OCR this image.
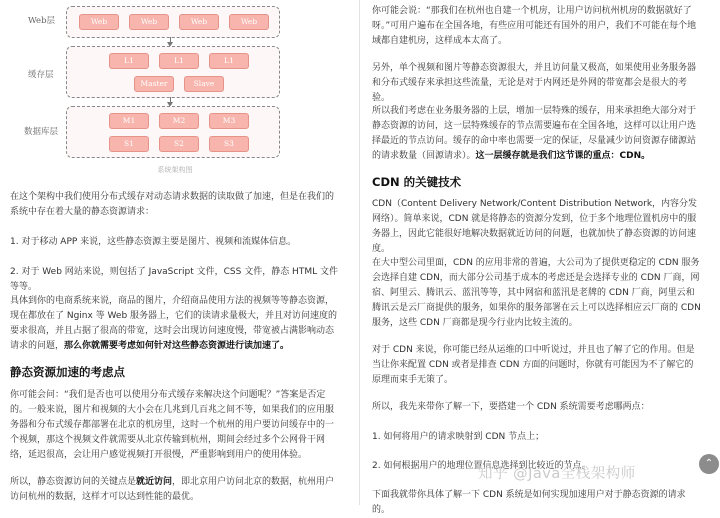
Web层	Web	Web	Web	Web
缓存层
L1	L1	L1
Master	Slave
数据库层
M1	M2	M3
S1	S2	S3
系统架构图

在这个架构中我们使用分布式缓存对动态请求数据的读取做了加速，但是在我们的系统中存在着大量的静态资源请求：

1. 对于移动 APP 来说，这些静态资源主要是图片、视频和流媒体信息。

2. 对于 Web 网站来说，则包括了 JavaScript 文件，CSS 文件，静态 HTML 文件等等。

具体到你的电商系统来说，商品的图片，介绍商品使用方法的视频等等静态资源，现在都放在了 Nginx 等 Web 服务器上，它们的读请求量极大，并且对访问速度的要求很高，并且占据了很高的带宽，这时会出现访问速度慢，带宽被占满影响动态请求的问题，那么你就需要考虑如何针对这些静态资源进行读加速了。

静态资源加速的考虑点

你可能会问：“我们是否也可以使用分布式缓存来解决这个问题呢？”答案是否定的。一般来说，图片和视频的大小会在几兆到几百兆之间不等，如果我们的应用服务器和分布式缓存都部署在北京的机房里，这时一个杭州的用户要访问缓存中的一个视频，那这个视频文件就需要从北京传输到杭州，期间会经过多个公网骨干网络，延迟很高，会让用户感觉视频打开很慢，严重影响到用户的使用体验。

所以，静态资源访问的关键点是就近访问，即北京用户访问北京的数据，杭州用户访问杭州的数据，这样才可以达到性能的最优。

你可能会说：“那我们在杭州也自建一个机房，让用户访问杭州机房的数据就好了呀。”可用户遍布在全国各地，有些应用可能还有国外的用户，我们不可能在每个地域都自建机房，这样成本太高了。

另外，单个视频和图片等静态资源很大，并且访问量又极高，如果使用业务服务器和分布式缓存来承担这些流量，无论是对于内网还是外网的带宽都会是很大的考验。

所以我们考虑在业务服务器的上层，增加一层特殊的缓存，用来承担绝大部分对于静态资源的访问，这一层特殊缓存的节点需要遍布在全国各地，这样可以让用户选择最近的节点访问。缓存的命中率也需要一定的保证，尽量减少访问资源存储源站的请求数量（回源请求）。这一层缓存就是我们这节课的重点：CDN。

CDN 的关键技术

CDN（Content Delivery Network/Content Distribution Network，内容分发网络）。简单来说，CDN 就是将静态的资源分发到，位于多个地理位置机房中的服务器上，因此它能很好地解决数据就近访问的问题，也就加快了静态资源的访问速度。

在大中型公司里面，CDN 的应用非常的普遍，大公司为了提供更稳定的 CDN 服务会选择自建 CDN，而大部分公司基于成本的考虑还是会选择专业的 CDN 厂商，网宿、阿里云、腾讯云、蓝汛等等，其中网宿和蓝汛是老牌的 CDN 厂商，阿里云和腾讯云是云厂商提供的服务，如果你的服务部署在云上可以选择相应云厂商的 CDN 服务，这些 CDN 厂商都是现今行业内比较主流的。

对于 CDN 来说，你可能已经从运维的口中听说过，并且也了解了它的作用。但是当让你来配置 CDN 或者是排查 CDN 方面的问题时，你就有可能因为不了解它的原理而束手无策了。

所以，我先来带你了解一下，要搭建一个 CDN 系统需要考虑哪两点：

1. 如何将用户的请求映射到 CDN 节点上；

2. 如何根据用户的地理位置信息选择到比较近的节点。

下面我就带你具体了解一下 CDN 系统是如何实现加速用户对于静态资源的请求的。

知乎 @Java全栈架构师
⌃
